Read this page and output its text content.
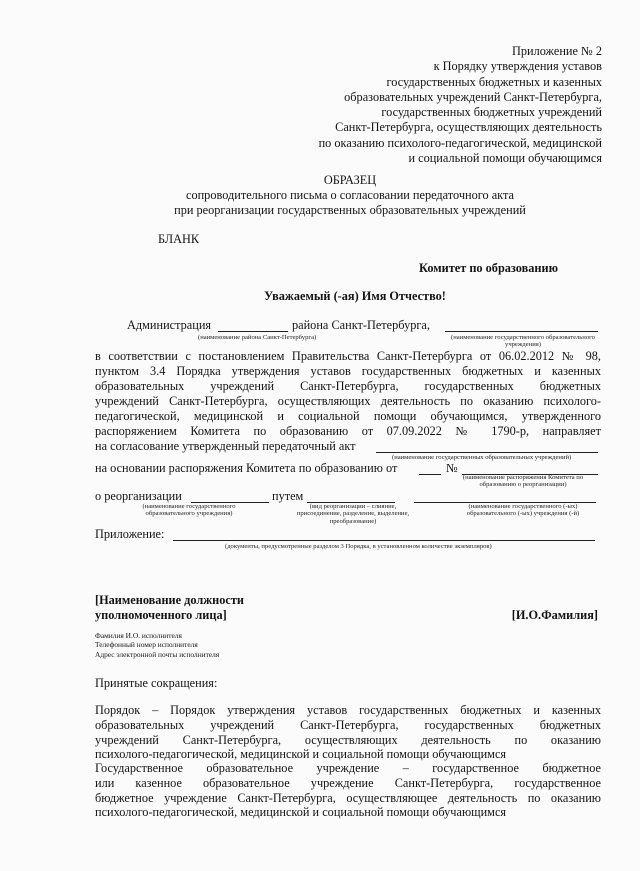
Приложение № 2
к Порядку утверждения уставов
государственных бюджетных и казенных
образовательных учреждений Санкт-Петербурга,
государственных бюджетных учреждений
Санкт-Петербурга, осуществляющих деятельность
по оказанию психолого-педагогической, медицинской
и социальной помощи обучающимся
ОБРАЗЕЦ
сопроводительного письма о согласовании передаточного акта
при реорганизации государственных образовательных учреждений
БЛАНК
Комитет по образованию
Уважаемый (-ая) Имя Отчество!
Администрация	района Санкт-Петербурга,
(наименование района Санкт-Петербурга)	(наименование государственного образовательного учреждения)
в соответствии с постановлением Правительства Санкт-Петербурга от 06.02.2012 № 98,
пунктом 3.4 Порядка утверждения уставов государственных бюджетных и казенных
образовательных учреждений Санкт-Петербурга, государственных бюджетных
учреждений Санкт-Петербурга, осуществляющих деятельность по оказанию психолого-
педагогической, медицинской и социальной помощи обучающимся, утвержденного
распоряжением Комитета по образованию от 07.09.2022 № 1790-р, направляет
на согласование утвержденный передаточный акт
(наименование государственных образовательных учреждений)
на основании распоряжения Комитета по образованию от	№
(наименование распоряжения Комитета по образованию о реорганизации)
о реорганизации	путем
(наименование государственного образовательного учреждения)
(вид реорганизации – слияние, присоединение, разделение, выделение, преобразование)
(наименование государственного (-ых) образовательного (-ых) учреждения (-й)
Приложение:
(документы, предусмотренные разделом 3 Порядка, в установленном количестве экземпляров)
[Наименование должности
уполномоченного лица]	[И.О.Фамилия]
Фамилия И.О. исполнителя
Телефонный номер исполнителя
Адрес электронной почты исполнителя
Принятые сокращения:
Порядок – Порядок утверждения уставов государственных бюджетных и казенных
образовательных учреждений Санкт-Петербурга, государственных бюджетных
учреждений Санкт-Петербурга, осуществляющих деятельность по оказанию
психолого-педагогической, медицинской и социальной помощи обучающимся
Государственное образовательное учреждение – государственное бюджетное
или казенное образовательное учреждение Санкт-Петербурга, государственное
бюджетное учреждение Санкт-Петербурга, осуществляющее деятельность по оказанию
психолого-педагогической, медицинской и социальной помощи обучающимся
